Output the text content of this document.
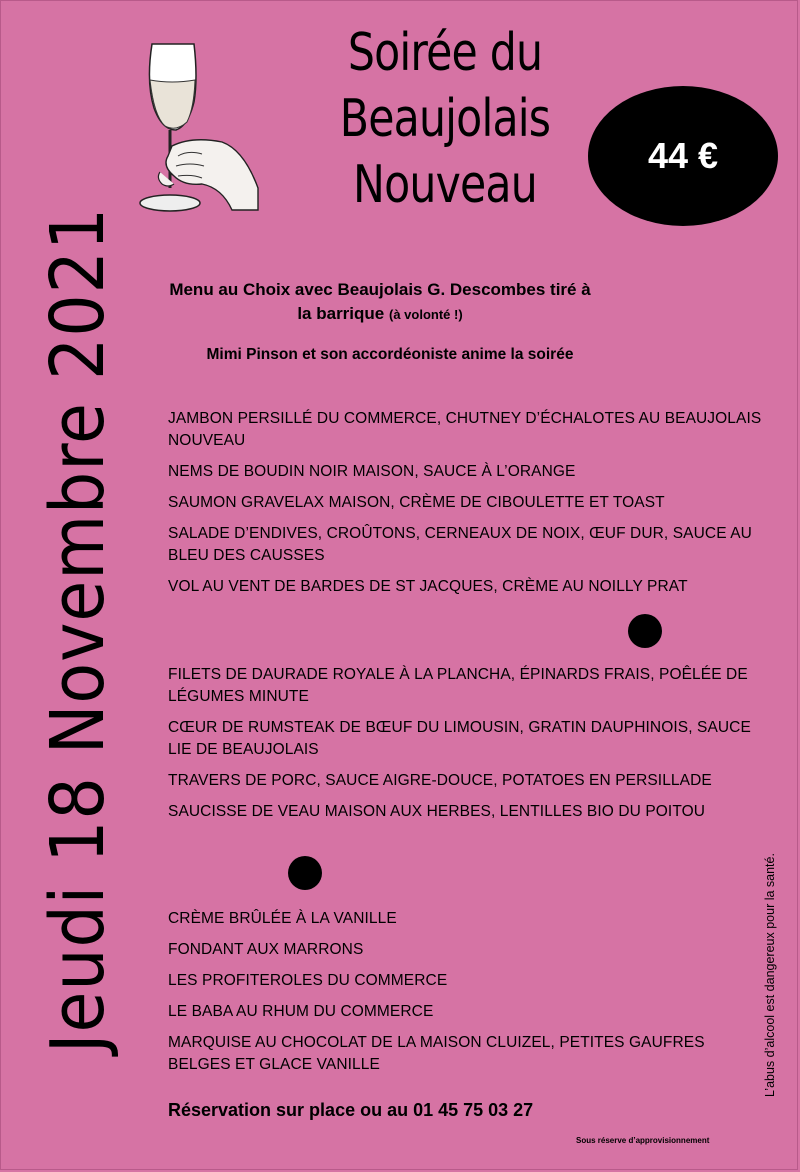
Soirée du
Beaujolais
Nouveau	44 €
Jeudi 18 Novembre 2021	Menu au Choix avec Beaujolais G. Descombes tiré à
la barrique (à volonté !)
Mimi Pinson et son accordéoniste anime la soirée
JAMBON PERSILLÉ DU COMMERCE, CHUTNEY D’ÉCHALOTES AU BEAUJOLAIS NOUVEAU
NEMS DE BOUDIN NOIR MAISON, SAUCE À L’ORANGE
SAUMON GRAVELAX MAISON, CRÈME DE CIBOULETTE ET TOAST
SALADE D’ENDIVES, CROÛTONS, CERNEAUX DE NOIX, ŒUF DUR, SAUCE AU BLEU DES CAUSSES
VOL AU VENT DE BARDES DE ST JACQUES, CRÈME AU NOILLY PRAT
FILETS DE DAURADE ROYALE À LA PLANCHA, ÉPINARDS FRAIS, POÊLÉE DE LÉGUMES MINUTE
CŒUR DE RUMSTEAK DE BŒUF DU LIMOUSIN, GRATIN DAUPHINOIS, SAUCE LIE DE BEAUJOLAIS
TRAVERS DE PORC, SAUCE AIGRE-DOUCE, POTATOES EN PERSILLADE
SAUCISSE DE VEAU MAISON AUX HERBES, LENTILLES BIO DU POITOU
CRÈME BRÛLÉE À LA VANILLE
FONDANT AUX MARRONS
LES PROFITEROLES DU COMMERCE
LE BABA AU RHUM DU COMMERCE
MARQUISE AU CHOCOLAT DE LA MAISON CLUIZEL, PETITES GAUFRES BELGES ET GLACE VANILLE
Réservation sur place ou au 01 45 75 03 27
Sous réserve d’approvisionnement
L’abus d’alcool est dangereux pour la santé.
